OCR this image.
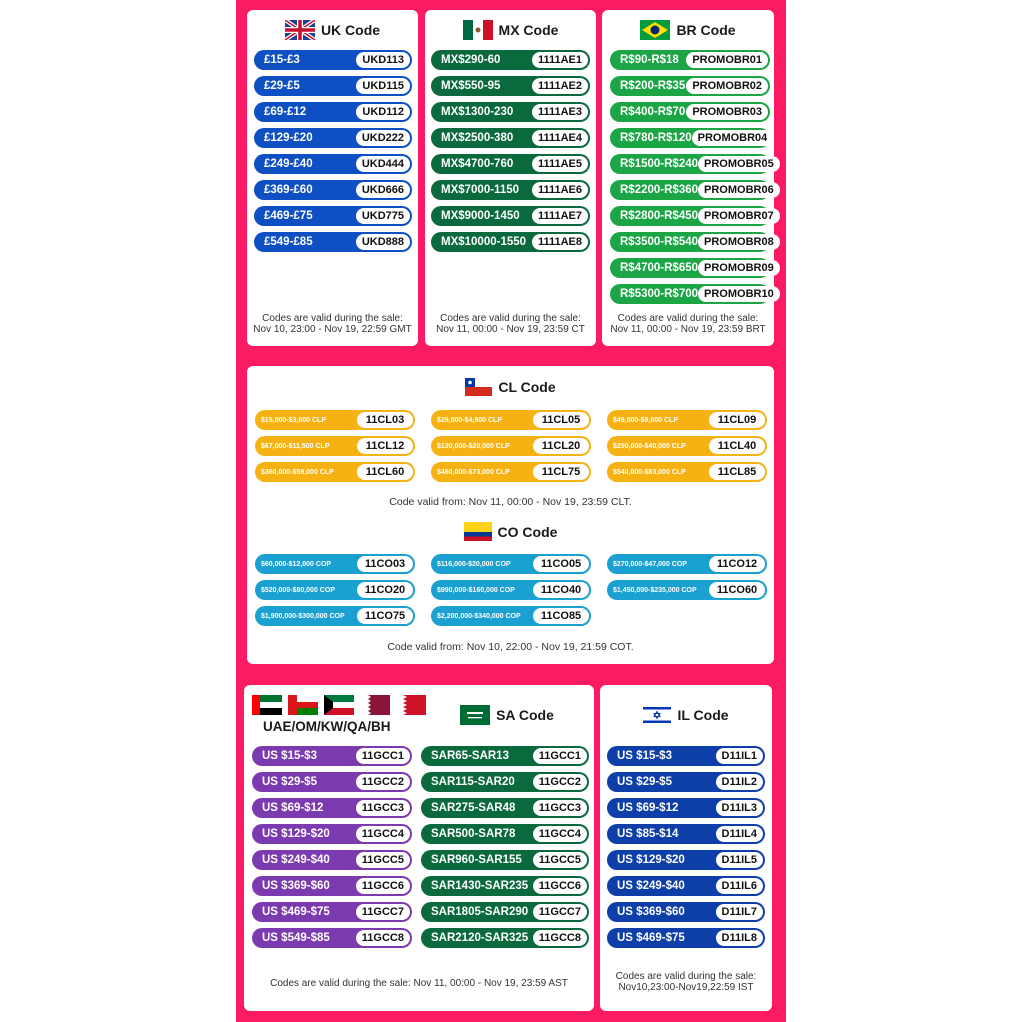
UK Code
£15-£3	UKD113
£29-£5	UKD115
£69-£12	UKD112
£129-£20	UKD222
£249-£40	UKD444
£369-£60	UKD666
£469-£75	UKD775
£549-£85	UKD888
Codes are valid during the sale:
Nov 10, 23:00 - Nov 19, 22:59 GMT
MX Code
MX$290-60	1111AE1
MX$550-95	1111AE2
MX$1300-230	1111AE3
MX$2500-380	1111AE4
MX$4700-760	1111AE5
MX$7000-1150	1111AE6
MX$9000-1450	1111AE7
MX$10000-1550	1111AE8
Codes are valid during the sale:
Nov 11, 00:00 - Nov 19, 23:59 CT
BR Code
R$90-R$18	PROMOBR01
R$200-R$35 PROMOBR02
R$400-R$70 PROMOBR03
R$780-R$120 PROMOBR04
R$1500-R$240 PROMOBR05
R$2200-R$360 PROMOBR06
R$2800-R$450 PROMOBR07
R$3500-R$540 PROMOBR08
R$4700-R$650 PROMOBR09
R$5300-R$700 PROMOBR10
Codes are valid during the sale:
Nov 11, 00:00 - Nov 19, 23:59 BRT
CL Code
$15,000-$3,000 CLP	11CL03	$29,000-$4,900 CLP	11CL05	$49,000-$9,000 CLP	11CL09
$67,000-$11,500 CLP	11CL12	$130,000-$20,000 CLP	11CL20	$250,000-$40,000 CLP	11CL40
$360,000-$59,000 CLP	11CL60	$460,000-$73,000 CLP	11CL75	$540,000-$83,000 CLP	11CL85
Code valid from: Nov 11, 00:00 - Nov 19, 23:59 CLT.
CO Code
$60,000-$12,000 COP	11CO03	$116,000-$20,000 COP	11CO05	$270,000-$47,000 COP	11CO12
$520,000-$80,000 COP	11CO20	$990,000-$160,000 COP	11CO40	$1,450,000-$235,000 COP	11CO60
$1,900,000-$300,000 COP	11CO75	$2,200,000-$340,000 COP	11CO85
Code valid from: Nov 10, 22:00 - Nov 19, 21:59 COT.
UAE/OM/KW/QA/BH
US $15-$3	11GCC1
US $29-$5	11GCC2
US $69-$12	11GCC3
US $129-$20	11GCC4
US $249-$40	11GCC5
US $369-$60	11GCC6
US $469-$75	11GCC7
US $549-$85	11GCC8
SA Code
SAR65-SAR13	11GCC1
SAR115-SAR20	11GCC2
SAR275-SAR48	11GCC3
SAR500-SAR78	11GCC4
SAR960-SAR155	11GCC5
SAR1430-SAR235 11GCC6
SAR1805-SAR290 11GCC7
SAR2120-SAR325 11GCC8
Codes are valid during the sale: Nov 11, 00:00 - Nov 19, 23:59 AST
IL Code
US $15-$3	D11IL1
US $29-$5	D11IL2
US $69-$12	D11IL3
US $85-$14	D11IL4
US $129-$20	D11IL5
US $249-$40	D11IL6
US $369-$60	D11IL7
US $469-$75	D11IL8
Codes are valid during the sale:
Nov10,23:00-Nov19,22:59 IST
